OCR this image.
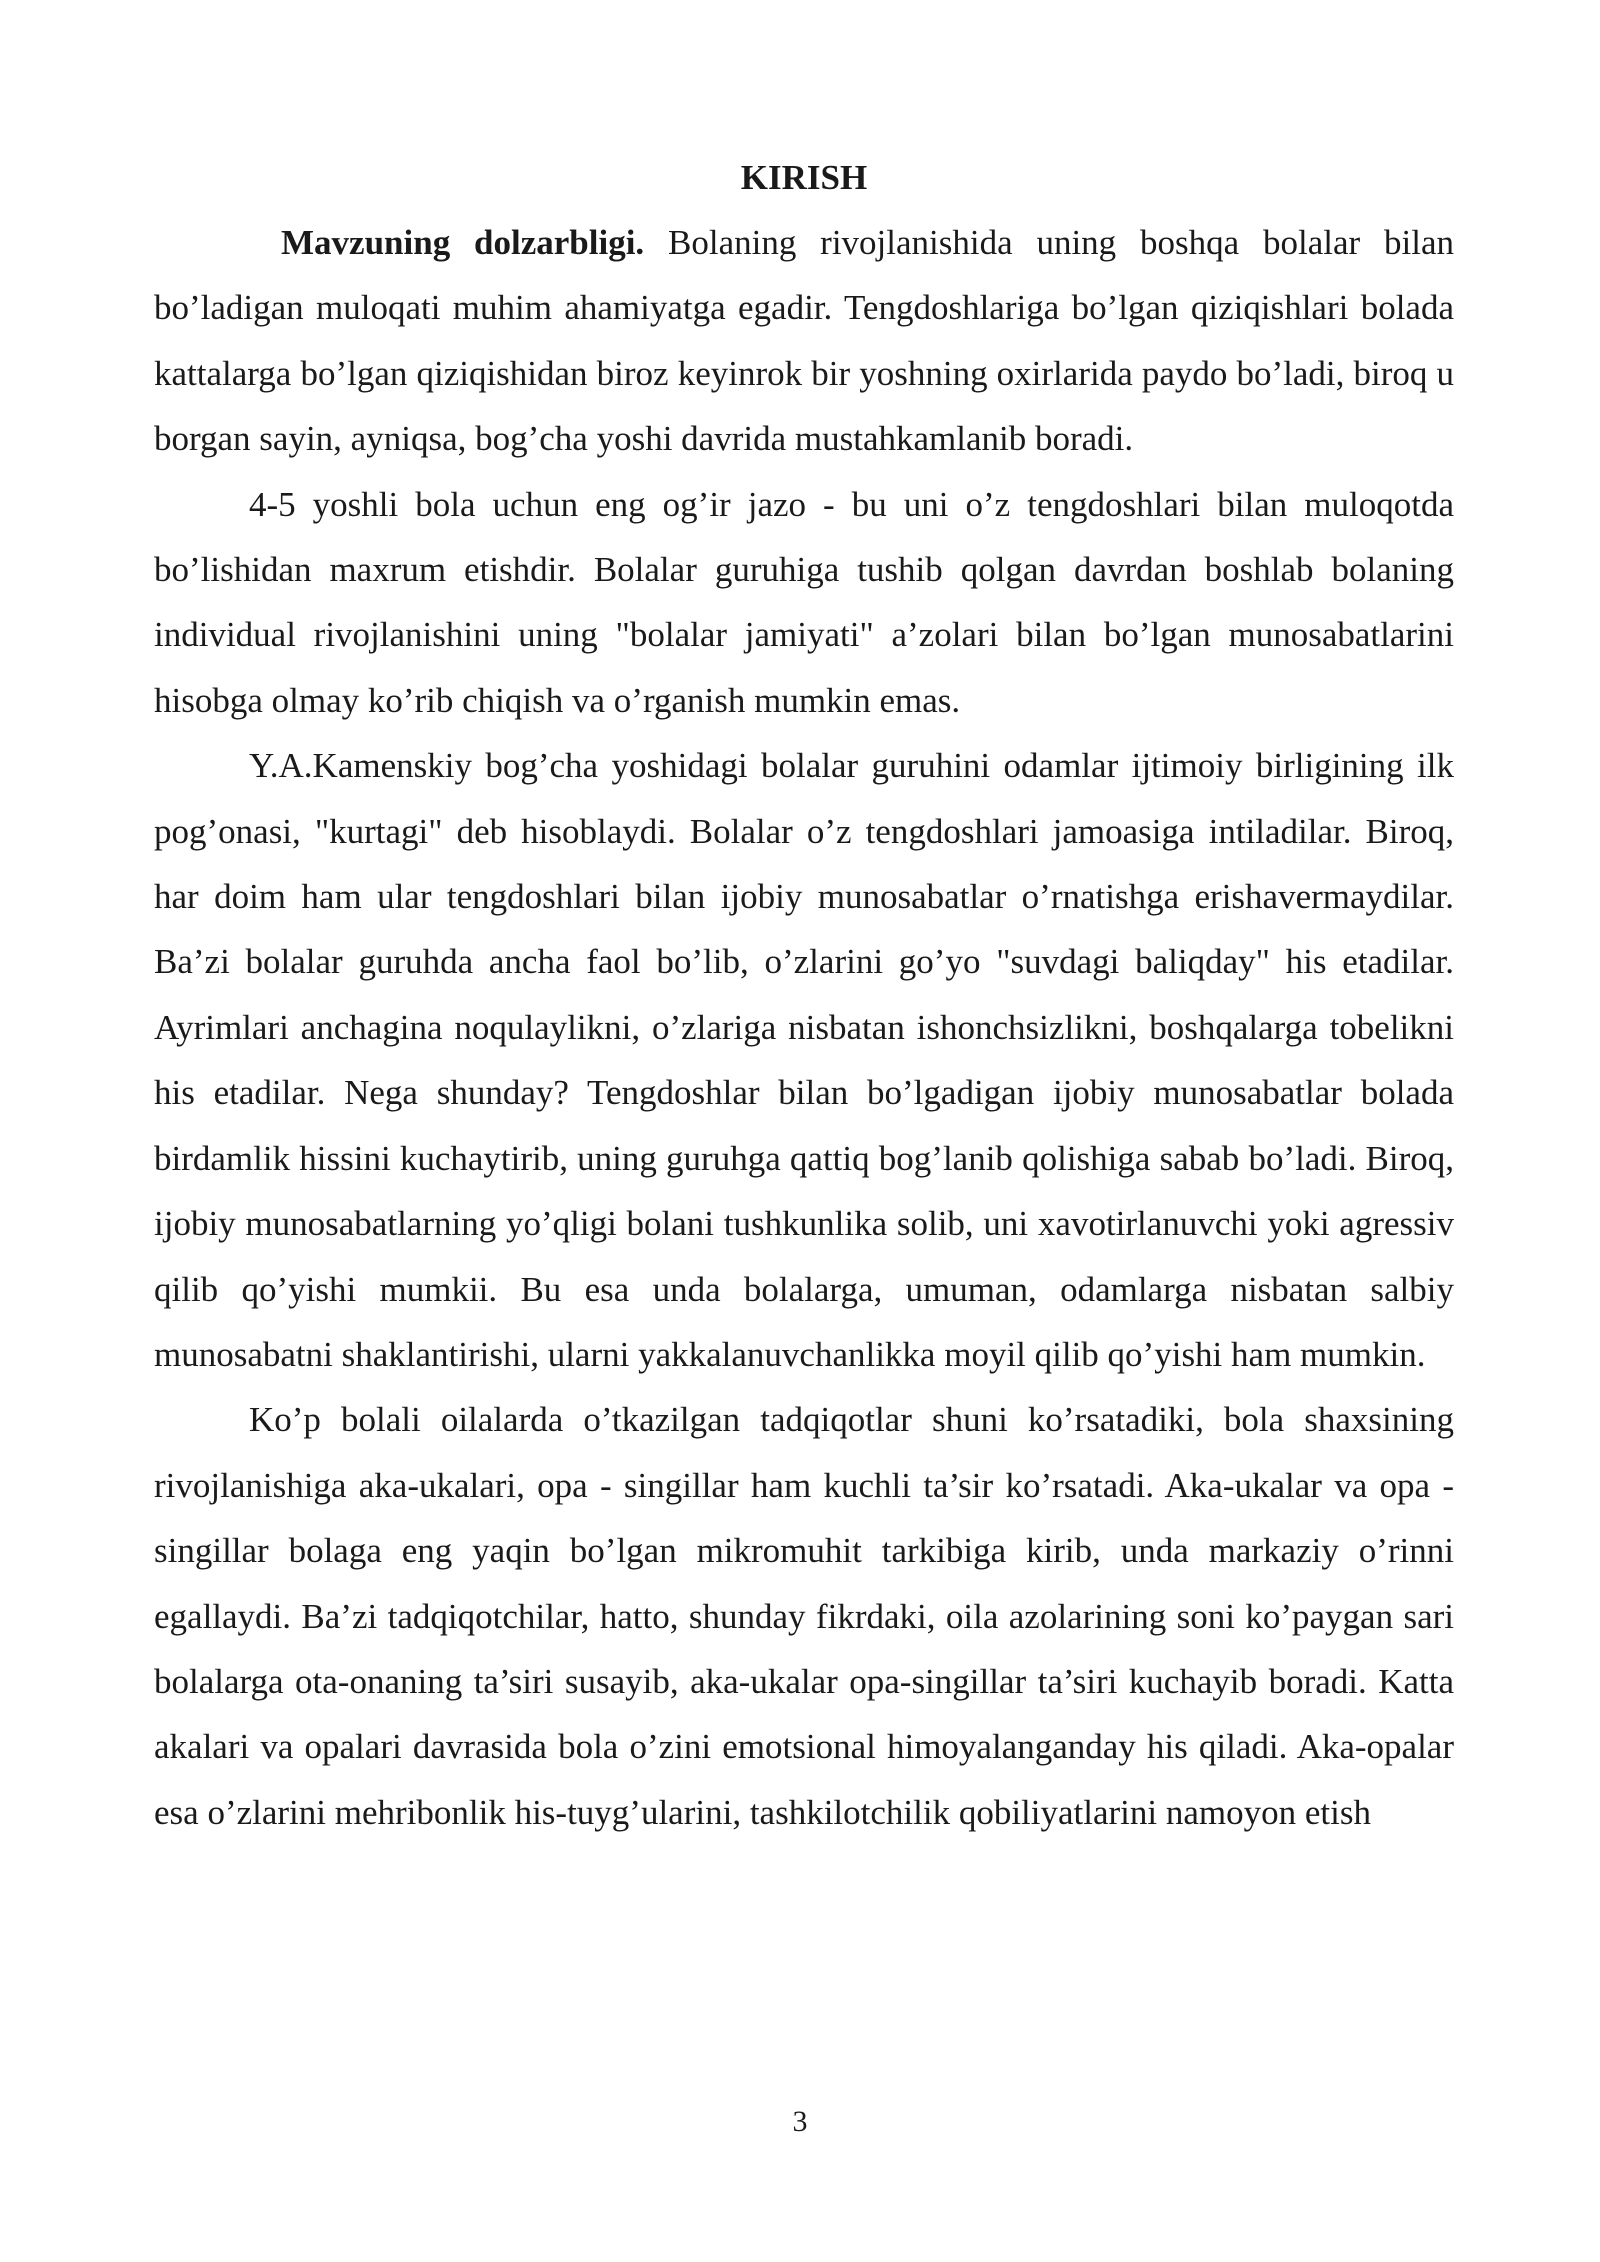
KIRISH

Mavzuning dolzarbligi. Bolaning rivojlanishida uning boshqa bolalar bilan bo’ladigan muloqati muhim ahamiyatga egadir. Tengdoshlariga bo’lgan qiziqishlari bolada kattalarga bo’lgan qiziqishidan biroz keyinrok bir yoshning oxirlarida paydo bo’ladi, biroq u borgan sayin, ayniqsa, bog’cha yoshi davrida mustahkamlanib boradi.

4-5 yoshli bola uchun eng og’ir jazo - bu uni o’z tengdoshlari bilan muloqotda bo’lishidan maxrum etishdir. Bolalar guruhiga tushib qolgan davrdan boshlab bolaning individual rivojlanishini uning "bolalar jamiyati" a’zolari bilan bo’lgan munosabatlarini hisobga olmay ko’rib chiqish va o’rganish mumkin emas.

Y.A.Kamenskiy bog’cha yoshidagi bolalar guruhini odamlar ijtimoiy birligining ilk pog’onasi, "kurtagi" deb hisoblaydi. Bolalar o’z tengdoshlari jamoasiga intiladilar. Biroq, har doim ham ular tengdoshlari bilan ijobiy munosabatlar o’rnatishga erishavermaydilar. Ba’zi bolalar guruhda ancha faol bo’lib, o’zlarini go’yo "suvdagi baliqday" his etadilar. Ayrimlari anchagina noqulaylikni, o’zlariga nisbatan ishonchsizlikni, boshqalarga tobelikni his etadilar. Nega shunday? Tengdoshlar bilan bo’lgadigan ijobiy munosabatlar bolada birdamlik hissini kuchaytirib, uning guruhga qattiq bog’lanib qolishiga sabab bo’ladi. Biroq, ijobiy munosabatlarning yo’qligi bolani tushkunlika solib, uni xavotirlanuvchi yoki agressiv qilib qo’yishi mumkii. Bu esa unda bolalarga, umuman, odamlarga nisbatan salbiy munosabatni shaklantirishi, ularni yakkalanuvchanlikka moyil qilib qo’yishi ham mumkin.

Ko’p bolali oilalarda o’tkazilgan tadqiqotlar shuni ko’rsatadiki, bola shaxsining rivojlanishiga aka-ukalari, opa - singillar ham kuchli ta’sir ko’rsatadi. Aka-ukalar va opa - singillar bolaga eng yaqin bo’lgan mikromuhit tarkibiga kirib, unda markaziy o’rinni egallaydi. Ba’zi tadqiqotchilar, hatto, shunday fikrdaki, oila azolarining soni ko’paygan sari bolalarga ota-onaning ta’siri susayib, aka-ukalar opa-singillar ta’siri kuchayib boradi. Katta akalari va opalari davrasida bola o’zini emotsional himoyalanganday his qiladi. Aka-opalar esa o’zlarini mehribonlik his-tuyg’ularini, tashkilotchilik qobiliyatlarini namoyon etish

3
